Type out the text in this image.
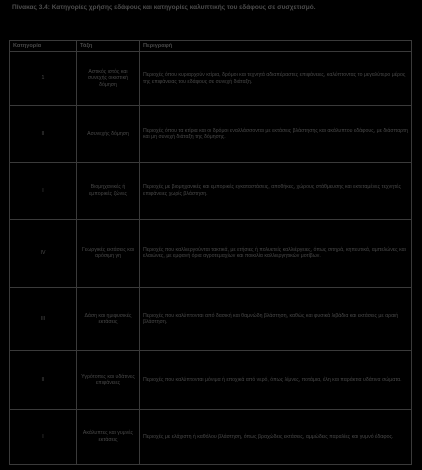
Πίνακας 3.4: Κατηγορίες χρήσης εδάφους και κατηγορίες καλυπτικής του εδάφους σε συσχετισμό.
Κατηγορία	Τάξη	Περιγραφή
1	Αστικός ιστός και συνεχής οικιστική δόμηση	Περιοχές όπου κυριαρχούν κτίρια, δρόμοι και τεχνητά αδιαπέραστες επιφάνειες, καλύπτοντας το μεγαλύτερο μέρος της επιφάνειας του εδάφους σε συνεχή διάταξη.
II	Ασυνεχής δόμηση	Περιοχές όπου τα κτίρια και οι δρόμοι εναλλάσσονται με εκτάσεις βλάστησης και ακάλυπτου εδάφους, με διάσπαρτη και μη συνεχή διάταξη της δόμησης.
I	Βιομηχανικές ή εμπορικές ζώνες	Περιοχές με βιομηχανικές και εμπορικές εγκαταστάσεις, αποθήκες, χώρους στάθμευσης και εκτεταμένες τεχνητές επιφάνειες χωρίς βλάστηση.
IV	Γεωργικές εκτάσεις και αρόσιμη γη	Περιοχές που καλλιεργούνται τακτικά, με ετήσιες ή πολυετείς καλλιέργειες, όπως σιτηρά, κηπευτικά, αμπελώνες και ελαιώνες, με εμφανή όρια αγροτεμαχίων και ποικιλία καλλιεργητικών μοτίβων.
III	Δάση και ημιφυσικές εκτάσεις	Περιοχές που καλύπτονται από δασική και θαμνώδη βλάστηση, καθώς και φυσικά λιβάδια και εκτάσεις με αραιή βλάστηση.
II	Υγρότοπες και υδάτινες επιφάνειες	Περιοχές που καλύπτονται μόνιμα ή εποχικά από νερό, όπως λίμνες, ποτάμια, έλη και παράκτια υδάτινα σώματα.
I	Ακάλυπτες και γυμνές εκτάσεις	Περιοχές με ελάχιστη ή καθόλου βλάστηση, όπως βραχώδεις εκτάσεις, αμμώδεις παραλίες και γυμνό έδαφος.
